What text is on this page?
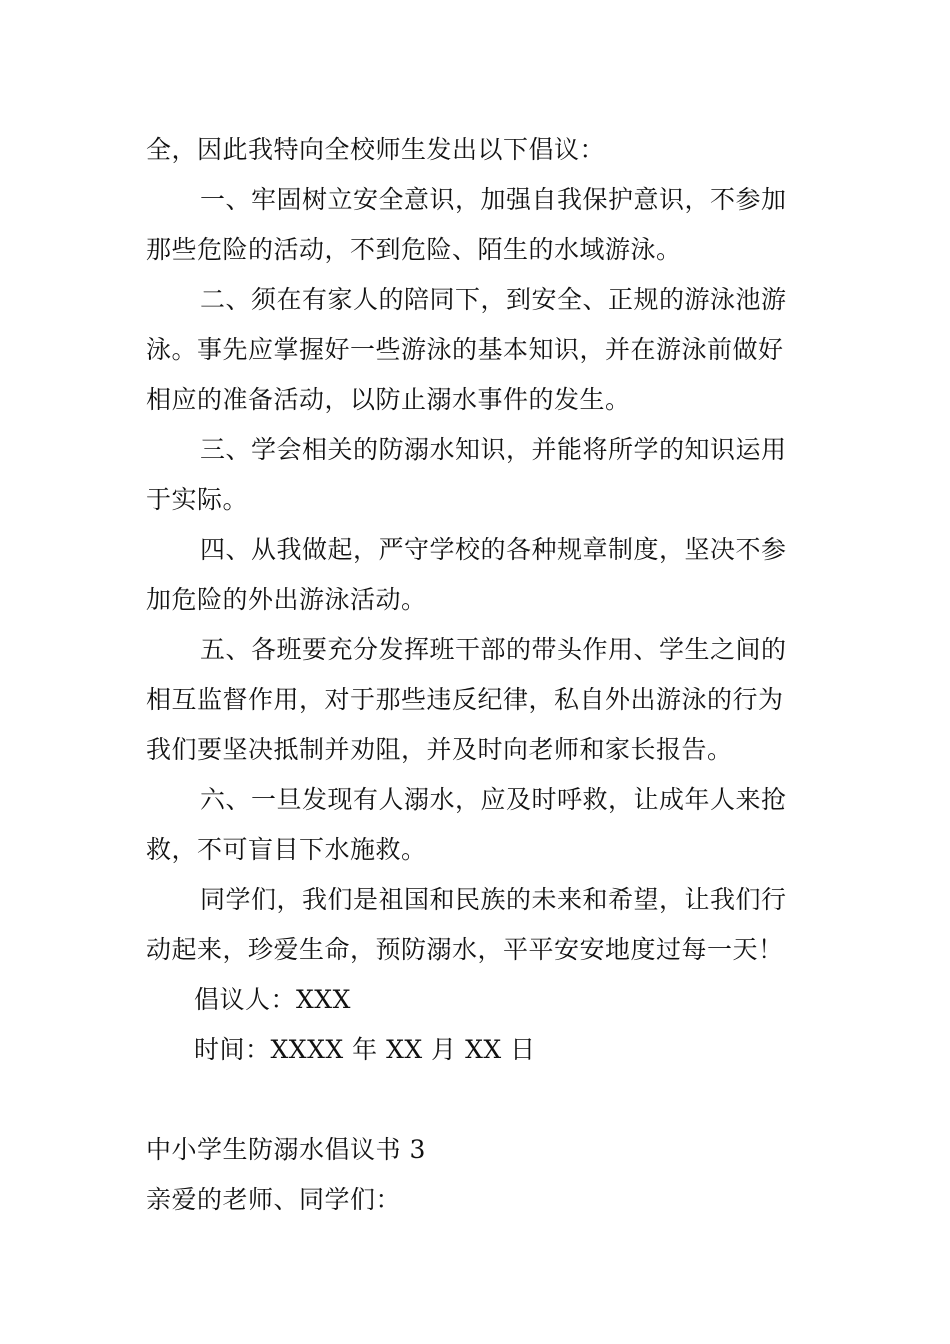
全，因此我特向全校师生发出以下倡议：
一、牢固树立安全意识，加强自我保护意识，不参加
那些危险的活动，不到危险、陌生的水域游泳。
二、须在有家人的陪同下，到安全、正规的游泳池游
泳。事先应掌握好一些游泳的基本知识，并在游泳前做好
相应的准备活动，以防止溺水事件的发生。
三、学会相关的防溺水知识，并能将所学的知识运用
于实际。
四、从我做起，严守学校的各种规章制度，坚决不参
加危险的外出游泳活动。
五、各班要充分发挥班干部的带头作用、学生之间的
相互监督作用，对于那些违反纪律，私自外出游泳的行为
我们要坚决抵制并劝阻，并及时向老师和家长报告。
六、一旦发现有人溺水，应及时呼救，让成年人来抢
救，不可盲目下水施救。
同学们，我们是祖国和民族的未来和希望，让我们行
动起来，珍爱生命，预防溺水，平平安安地度过每一天！
倡议人：XXX
时间：XXXX 年 XX 月 XX 日
中小学生防溺水倡议书 3
亲爱的老师、同学们：
